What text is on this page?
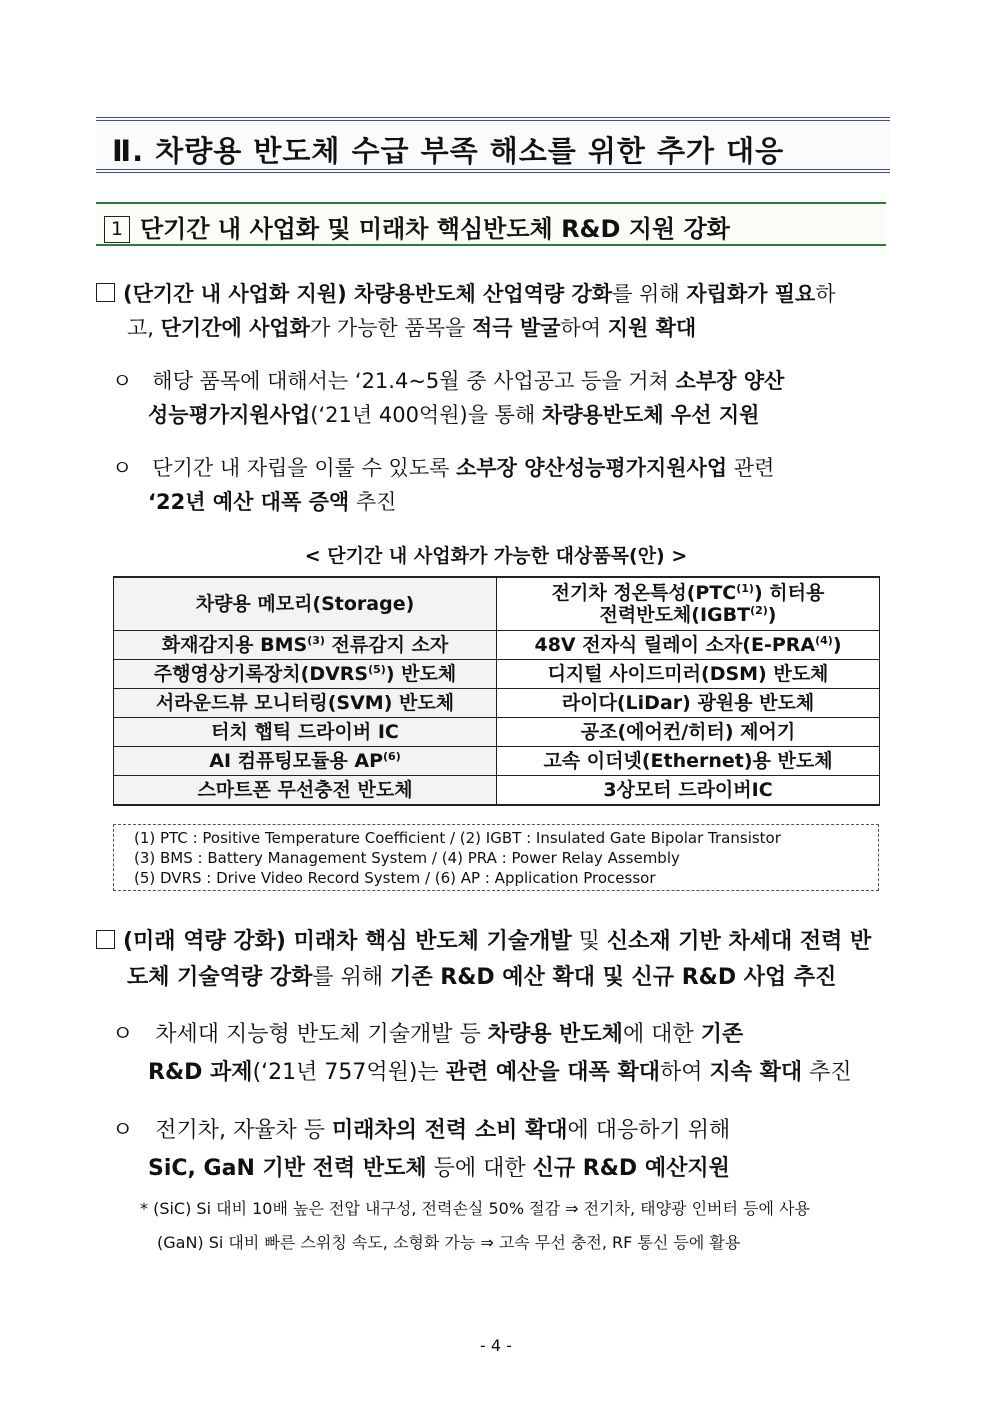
Ⅱ. 차량용 반도체 수급 부족 해소를 위한 추가 대응
1 단기간 내 사업화 및 미래차 핵심반도체 R&D 지원 강화
(단기간 내 사업화 지원) 차량용반도체 산업역량 강화를 위해 자립화가 필요하
고, 단기간에 사업화가 가능한 품목을 적극 발굴하여 지원 확대
ㅇ 해당 품목에 대해서는 ‘21.4~5월 중 사업공고 등을 거쳐 소부장 양산
성능평가지원사업(‘21년 400억원)을 통해 차량용반도체 우선 지원
ㅇ 단기간 내 자립을 이룰 수 있도록 소부장 양산성능평가지원사업 관련
‘22년 예산 대폭 증액 추진
< 단기간 내 사업화가 가능한 대상품목(안) >
차량용 메모리(Storage)	전기차 정온특성(PTC$^{(1)}$) 히터용
전력반도체(IGBT$^{(2)}$)
화재감지용 BMS$^{(3)}$ 전류감지 소자	48V 전자식 릴레이 소자(E-PRA$^{(4)}$)
주행영상기록장치(DVRS$^{(5)}$) 반도체	디지털 사이드미러(DSM) 반도체
서라운드뷰 모니터링(SVM) 반도체	라이다(LiDar) 광원용 반도체
터치 햅틱 드라이버 IC	공조(에어컨/히터) 제어기
AI 컴퓨팅모듈용 AP$^{(6)}$	고속 이더넷(Ethernet)용 반도체
스마트폰 무선충전 반도체	3상모터 드라이버IC
(1) PTC : Positive Temperature Coefficient / (2) IGBT : Insulated Gate Bipolar Transistor
(3) BMS : Battery Management System / (4) PRA : Power Relay Assembly
(5) DVRS : Drive Video Record System / (6) AP : Application Processor
(미래 역량 강화) 미래차 핵심 반도체 기술개발 및 신소재 기반 차세대 전력 반
도체 기술역량 강화를 위해 기존 R&D 예산 확대 및 신규 R&D 사업 추진
ㅇ 차세대 지능형 반도체 기술개발 등 차량용 반도체에 대한 기존
R&D 과제(‘21년 757억원)는 관련 예산을 대폭 확대하여 지속 확대 추진
ㅇ 전기차, 자율차 등 미래차의 전력 소비 확대에 대응하기 위해
SiC, GaN 기반 전력 반도체 등에 대한 신규 R&D 예산지원
* (SiC) Si 대비 10배 높은 전압 내구성, 전력손실 50% 절감 ⇒ 전기차, 태양광 인버터 등에 사용
(GaN) Si 대비 빠른 스위칭 속도, 소형화 가능 ⇒ 고속 무선 충전, RF 통신 등에 활용
- 4 -
